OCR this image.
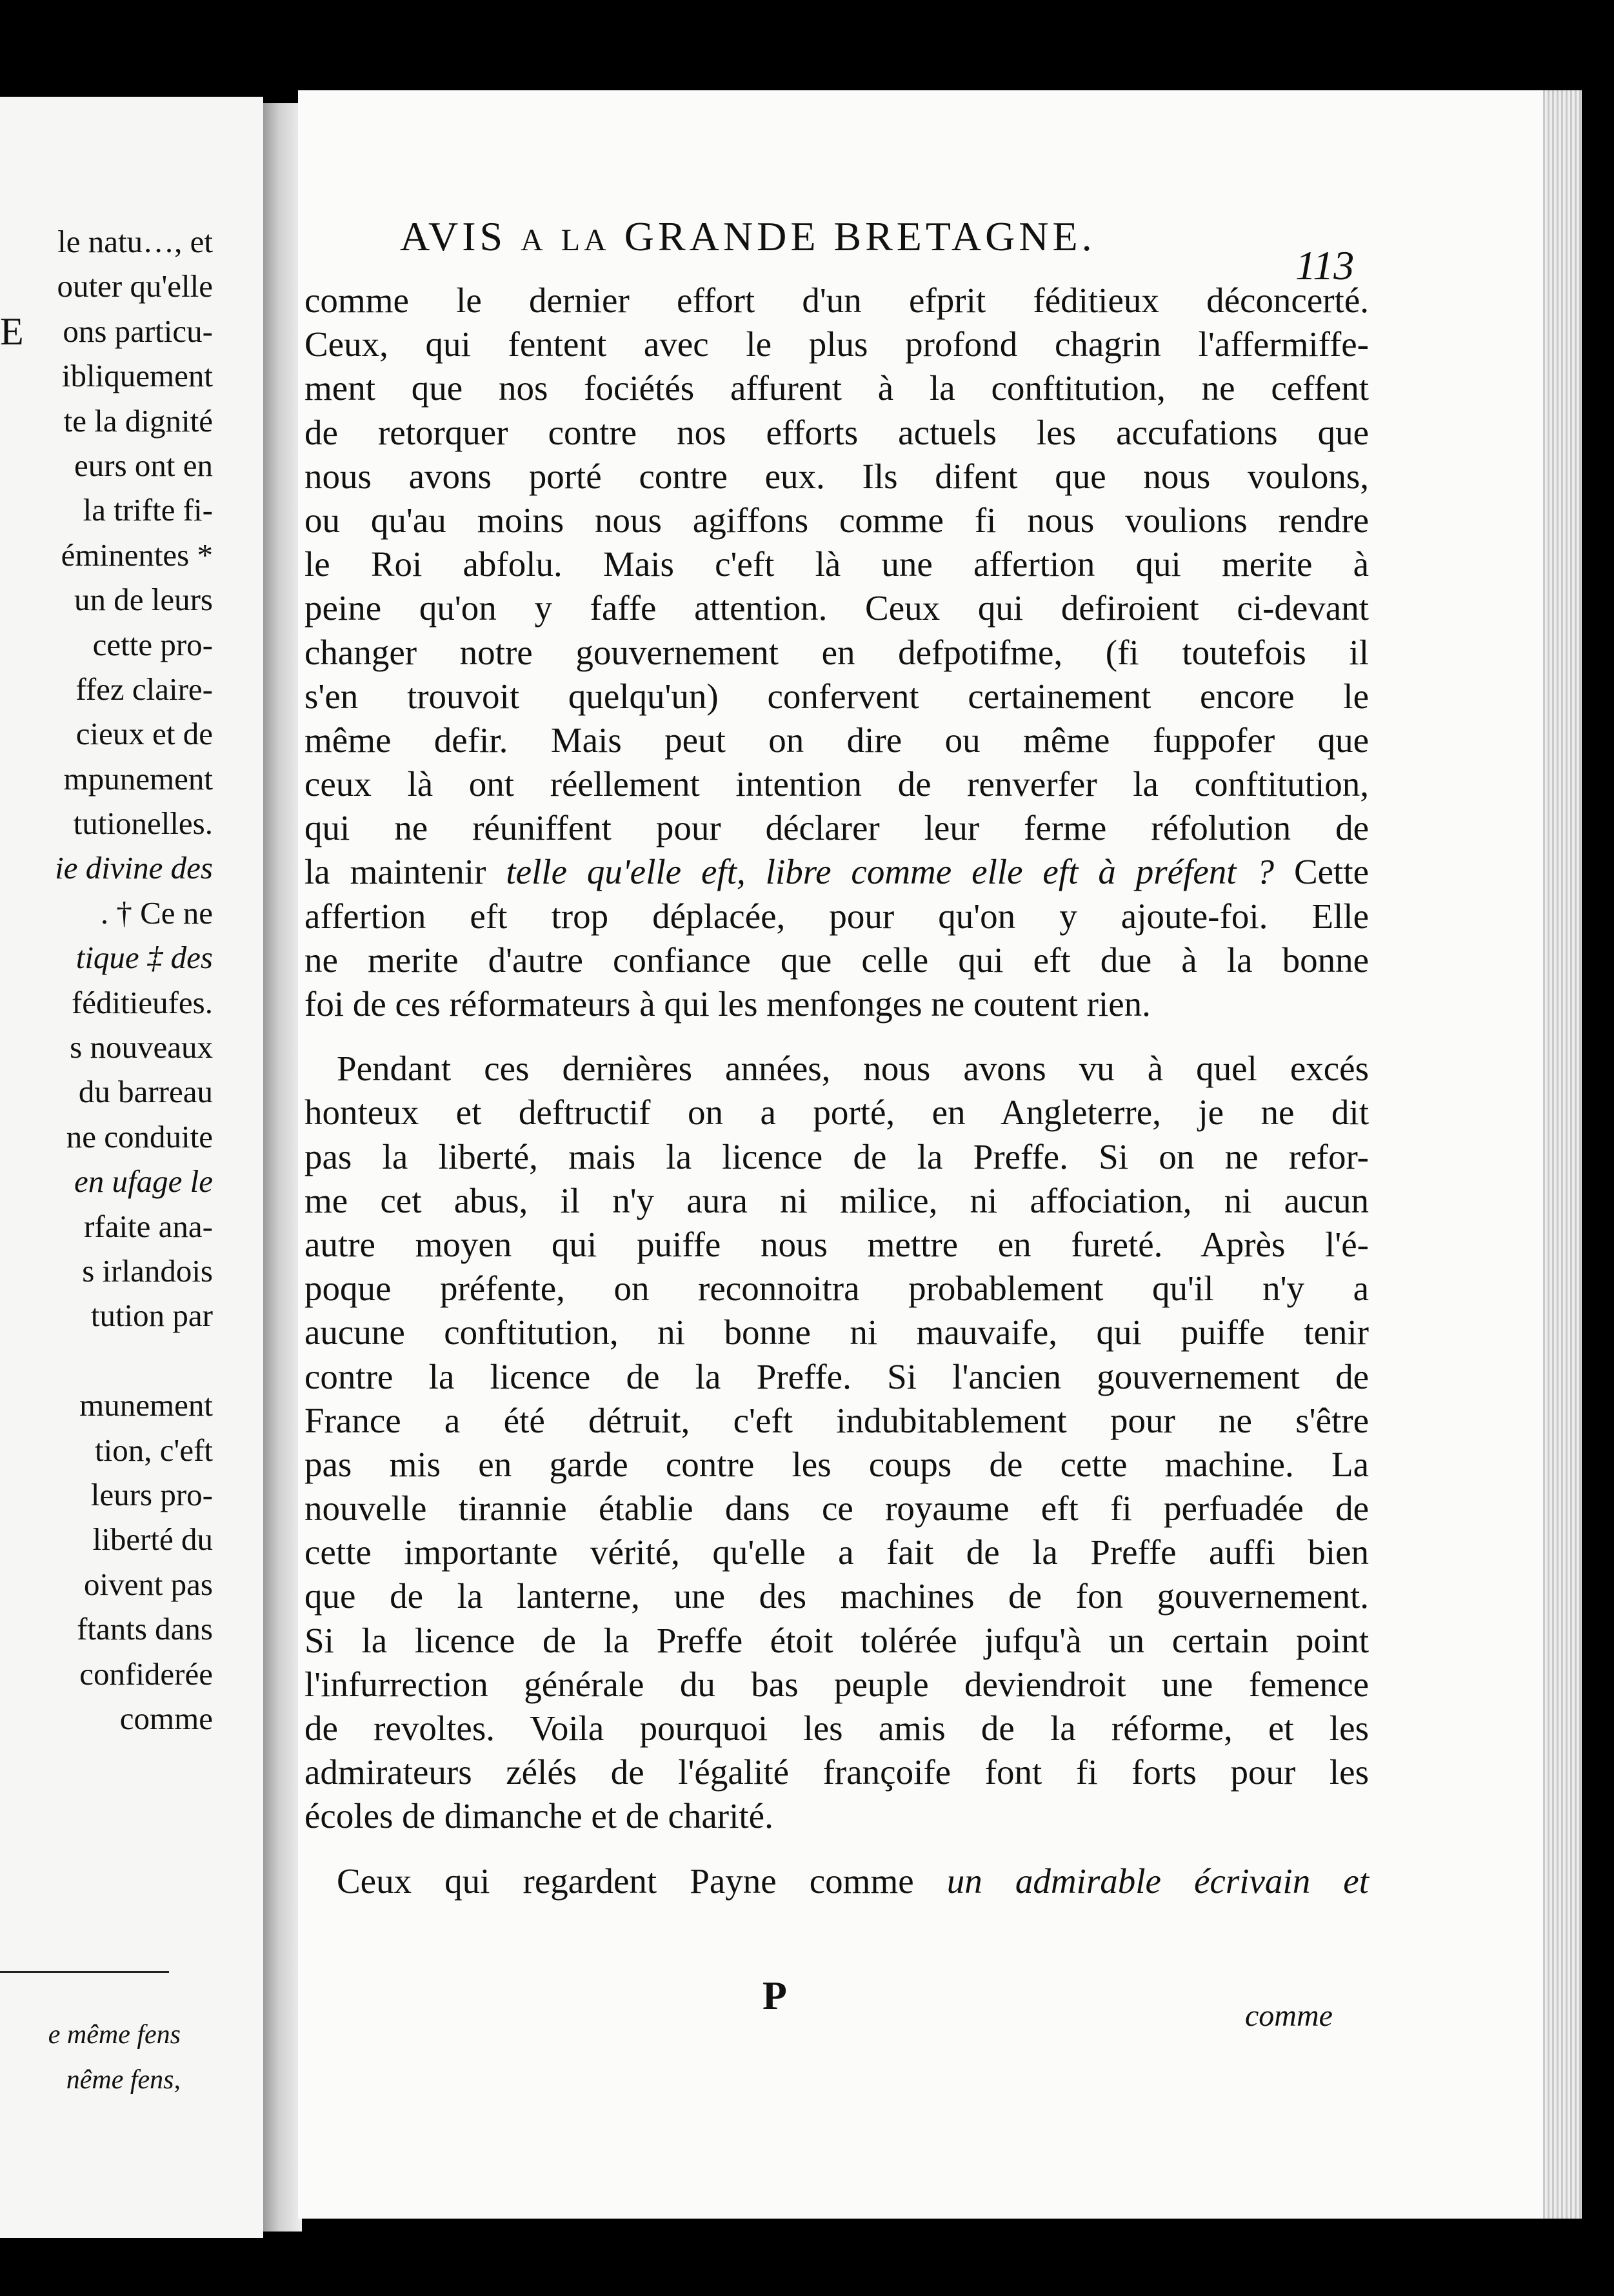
E
le natu…, et
outer qu'elle
ons particu-
ibliquement
te la dignité
eurs ont en
la trifte fi-
éminentes *
un de leurs
cette pro-
ffez claire-
cieux et de
mpunement
tutionelles.
ie divine des
. † Ce ne
tique ‡ des
féditieufes.
s nouveaux
du barreau
ne conduite
en ufage le
rfaite ana-
s irlandois
tution par
munement
tion, c'eft
leurs pro-
liberté du
oivent pas
ftants dans
confiderée
comme
e même fens
nême fens,
AVIS A LA GRANDE BRETAGNE.
113
comme le dernier effort d'un efprit féditieux déconcerté.
Ceux, qui fentent avec le plus profond chagrin l'affermiffe-
ment que nos fociétés affurent à la conftitution, ne ceffent
de retorquer contre nos efforts actuels les accufations que
nous avons porté contre eux. Ils difent que nous voulons,
ou qu'au moins nous agiffons comme fi nous voulions rendre
le Roi abfolu. Mais c'eft là une affertion qui merite à
peine qu'on y faffe attention. Ceux qui defiroient ci-devant
changer notre gouvernement en defpotifme, (fi toutefois il
s'en trouvoit quelqu'un) confervent certainement encore le
même defir. Mais peut on dire ou même fuppofer que
ceux là ont réellement intention de renverfer la conftitution,
qui ne réuniffent pour déclarer leur ferme réfolution de
la maintenir telle qu'elle eft, libre comme elle eft à préfent ? Cette
affertion eft trop déplacée, pour qu'on y ajoute-foi. Elle
ne merite d'autre confiance que celle qui eft due à la bonne
foi de ces réformateurs à qui les menfonges ne coutent rien.
Pendant ces dernières années, nous avons vu à quel excés
honteux et deftructif on a porté, en Angleterre, je ne dit
pas la liberté, mais la licence de la Preffe. Si on ne refor-
me cet abus, il n'y aura ni milice, ni affociation, ni aucun
autre moyen qui puiffe nous mettre en fureté. Après l'é-
poque préfente, on reconnoitra probablement qu'il n'y a
aucune conftitution, ni bonne ni mauvaife, qui puiffe tenir
contre la licence de la Preffe. Si l'ancien gouvernement de
France a été détruit, c'eft indubitablement pour ne s'être
pas mis en garde contre les coups de cette machine. La
nouvelle tirannie établie dans ce royaume eft fi perfuadée de
cette importante vérité, qu'elle a fait de la Preffe auffi bien
que de la lanterne, une des machines de fon gouvernement.
Si la licence de la Preffe étoit tolérée jufqu'à un certain point
l'infurrection générale du bas peuple deviendroit une femence
de revoltes. Voila pourquoi les amis de la réforme, et les
admirateurs zélés de l'égalité françoife font fi forts pour les
écoles de dimanche et de charité.
Ceux qui regardent Payne comme un admirable écrivain et
P	comme
